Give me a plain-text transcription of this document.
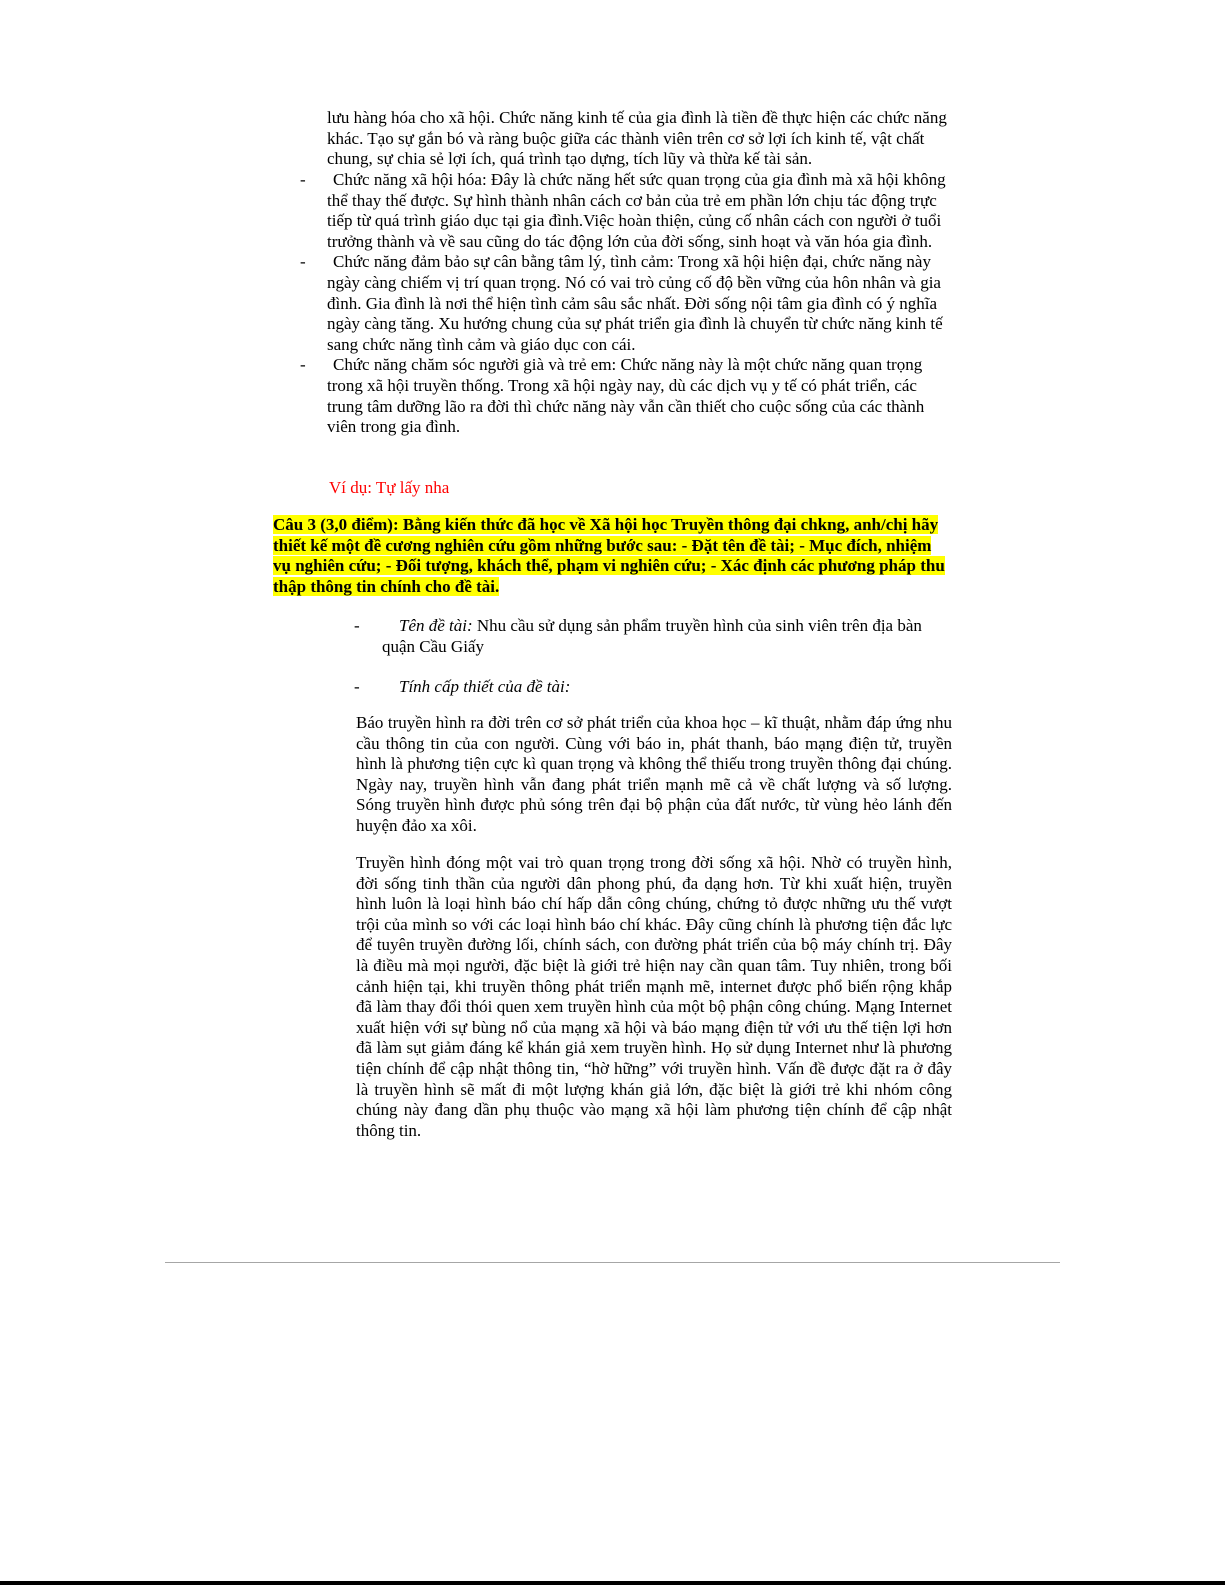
lưu hàng hóa cho xã hội. Chức năng kinh tế của gia đình là tiền đề thực hiện các chức năng khác. Tạo sự gắn bó và ràng buộc giữa các thành viên trên cơ sở lợi ích kinh tế, vật chất chung, sự chia sẻ lợi ích, quá trình tạo dựng, tích lũy và thừa kế tài sản.
-	Chức năng xã hội hóa: Đây là chức năng hết sức quan trọng của gia đình mà xã hội không thể thay thế được. Sự hình thành nhân cách cơ bản của trẻ em phần lớn chịu tác động trực tiếp từ quá trình giáo dục tại gia đình.Việc hoàn thiện, củng cố nhân cách con người ở tuổi trưởng thành và về sau cũng do tác động lớn của đời sống, sinh hoạt và văn hóa gia đình.
-	Chức năng đảm bảo sự cân bằng tâm lý, tình cảm: Trong xã hội hiện đại, chức năng này ngày càng chiếm vị trí quan trọng. Nó có vai trò củng cố độ bền vững của hôn nhân và gia đình. Gia đình là nơi thể hiện tình cảm sâu sắc nhất. Đời sống nội tâm gia đình có ý nghĩa ngày càng tăng. Xu hướng chung của sự phát triển gia đình là chuyển từ chức năng kinh tế sang chức năng tình cảm và giáo dục con cái.
-	Chức năng chăm sóc người già và trẻ em: Chức năng này là một chức năng quan trọng trong xã hội truyền thống. Trong xã hội ngày nay, dù các dịch vụ y tế có phát triển, các trung tâm dưỡng lão ra đời thì chức năng này vẫn cần thiết cho cuộc sống của các thành viên trong gia đình.
Ví dụ: Tự lấy nha
Câu 3 (3,0 điểm): Bằng kiến thức đã học về Xã hội học Truyền thông đại chkng, anh/chị hãy thiết kế một đề cương nghiên cứu gồm những bước sau: - Đặt tên đề tài; - Mục đích, nhiệm vụ nghiên cứu; - Đối tượng, khách thể, phạm vi nghiên cứu; - Xác định các phương pháp thu thập thông tin chính cho đề tài.
-	Tên đề tài: Nhu cầu sử dụng sản phẩm truyền hình của sinh viên trên địa bàn quận Cầu Giấy
-	Tính cấp thiết của đề tài:
Báo truyền hình ra đời trên cơ sở phát triển của khoa học – kĩ thuật, nhằm đáp ứng nhu cầu thông tin của con người. Cùng với báo in, phát thanh, báo mạng điện tử, truyền hình là phương tiện cực kì quan trọng và không thể thiếu trong truyền thông đại chúng. Ngày nay, truyền hình vẫn đang phát triển mạnh mẽ cả về chất lượng và số lượng. Sóng truyền hình được phủ sóng trên đại bộ phận của đất nước, từ vùng hẻo lánh đến huyện đảo xa xôi.
Truyền hình đóng một vai trò quan trọng trong đời sống xã hội. Nhờ có truyền hình, đời sống tinh thần của người dân phong phú, đa dạng hơn. Từ khi xuất hiện, truyền hình luôn là loại hình báo chí hấp dẫn công chúng, chứng tỏ được những ưu thế vượt trội của mình so với các loại hình báo chí khác. Đây cũng chính là phương tiện đắc lực để tuyên truyền đường lối, chính sách, con đường phát triển của bộ máy chính trị. Đây là điều mà mọi người, đặc biệt là giới trẻ hiện nay cần quan tâm. Tuy nhiên, trong bối cảnh hiện tại, khi truyền thông phát triển mạnh mẽ, internet được phổ biến rộng khắp đã làm thay đổi thói quen xem truyền hình của một bộ phận công chúng. Mạng Internet xuất hiện với sự bùng nổ của mạng xã hội và báo mạng điện tử với ưu thế tiện lợi hơn đã làm sụt giảm đáng kể khán giả xem truyền hình. Họ sử dụng Internet như là phương tiện chính để cập nhật thông tin, “hờ hững” với truyền hình. Vấn đề được đặt ra ở đây là truyền hình sẽ mất đi một lượng khán giả lớn, đặc biệt là giới trẻ khi nhóm công chúng này đang dần phụ thuộc vào mạng xã hội làm phương tiện chính để cập nhật thông tin.
